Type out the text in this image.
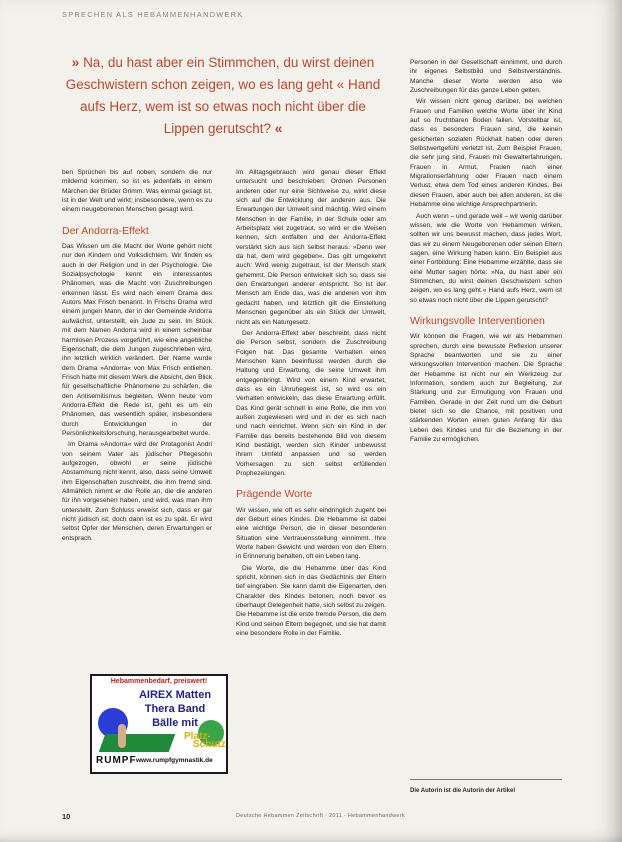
SPRECHEN ALS HEBAMMENHANDWERK
» Na, du hast aber ein Stimmchen, du wirst deinen Geschwistern schon zeigen, wo es lang geht « Hand aufs Herz, wem ist so etwas noch nicht über die Lippen gerutscht? «

ben Sprüchen bis auf noben, sondern die nur mildernd kommen, so ist es jedenfalls in einem Märchen der Brüder Grimm. Was einmal gesagt ist, ist in der Welt und wirkt; insbesondere, wenn es zu einem neugeborenen Menschen gesagt wird.

Der Andorra-Effekt

Das Wissen um die Macht der Worte gehört nicht nur den Kindern und Volksdichtern. Wir finden es auch in der Religion und in der Psychologie. Die Sozialpsychologie kennt ein interessantes Phänomen, was die Macht von Zuschreibungen erkennen lässt. Es wird nach einem Drama des Autors Max Frisch benannt. In Frischs Drama wird einem jungen Mann, der in der Gemeinde Andorra aufwächst, unterstellt, ein Jude zu sein. Im Stück mit dem Namen Andorra wird in einem scheinbar harmlosen Prozess vorgeführt, wie eine angebliche Eigenschaft, die dem Jungen zugeschrieben wird, ihn letztlich wirklich verändert. Der Name wurde dem Drama »Andorra« von Max Frisch entliehen. Frisch hatte mit diesem Werk die Absicht, den Blick für gesellschaftliche Phänomene zu schärfen, die den Antisemitismus begleiten. Wenn heute vom Andorra-Effekt die Rede ist, geht es um ein Phänomen, das wesentlich später, insbesondere durch Entwicklungen in der Persönlichkeitsforschung, herausgearbeitet wurde.

Im Drama »Andorra« wird der Protagonist Andri von seinem Vater als jüdischer Pflegesohn aufgezogen, obwohl er seine jüdische Abstammung nicht kennt, also, dass seine Umwelt ihm Eigenschaften zuschreibt, die ihm fremd sind. Allmählich nimmt er die Rolle an, die die anderen für ihn vorgesehen haben, und wird, was man ihm unterstellt. Zum Schluss erweist sich, dass er gar nicht jüdisch ist; doch dann ist es zu spät. Er wird selbst Opfer der Menschen, deren Erwartungen er entsprach.

Im Alltagsgebrauch wird genau dieser Effekt untersucht und beschrieben: Ordnen Personen anderen oder nur eine Sichtweise zu, wirkt diese sich auf die Entwicklung der anderen aus. Die Erwartungen der Umwelt sind mächtig. Wird einem Menschen in der Familie, in der Schule oder am Arbeitsplatz viel zugetraut, so wird er die Weisen kennen, sich entfalten und der Andorra-Effekt verstärkt sich aus sich selbst heraus. »Denn wer da hat, dem wird gegeben«. Das gilt umgekehrt auch: Wird wenig zugetraut, ist der Mensch stark gehemmt. Die Person entwickelt sich so, dass sie den Erwartungen anderer entspricht. So ist der Mensch am Ende das, was die anderen von ihm gedacht haben, und letztlich gilt die Einstellung Menschen gegenüber als ein Stück der Umwelt, nicht als ein Naturgesetz.

Der Andorra-Effekt aber beschreibt, dass nicht die Person selbst, sondern die Zuschreibung Folgen hat. Das gesamte Verhalten eines Menschen kann beeinflusst werden durch die Haltung und Erwartung, die seine Umwelt ihm entgegenbringt. Wird von einem Kind erwartet, dass es ein Unruhegeist ist, so wird es ein Verhalten entwickeln, das diese Erwartung erfüllt. Das Kind gerät schnell in eine Rolle, die ihm von außen zugewiesen wird und in der es sich nach und nach einrichtet. Wenn sich ein Kind in der Familie das bereits bestehende Bild von diesem Kind bestätigt, werden sich Kinder unbewusst ihrem Umfeld anpassen und so werden Vorhersagen zu sich selbst erfüllenden Prophezeiungen.

Prägende Worte

Wir wissen, wie oft es sehr eindringlich zugeht bei der Geburt eines Kindes. Die Hebamme ist dabei eine wichtige Person, die in dieser besonderen Situation eine Vertrauensstellung einnimmt. Ihre Worte haben Gewicht und werden von den Eltern in Erinnerung behalten, oft ein Leben lang.

Die Worte, die die Hebamme über das Kind spricht, können sich in das Gedächtnis der Eltern tief eingraben. Sie kann damit die Eigenarten, den Charakter des Kindes betonen, noch bevor es überhaupt Gelegenheit hatte, sich selbst zu zeigen. Die Hebamme ist die erste fremde Person, die dem Kind und seinen Eltern begegnet, und sie hat damit eine besondere Rolle in der Familie.

Personen in der Gesellschaft einnimmt, und durch ihr eigenes Selbstbild und Selbstverständnis. Manche dieser Worte werden also wie Zuschreibungen für das ganze Leben gelten.

Wir wissen nicht genug darüber, bei welchen Frauen und Familien welche Worte über ihr Kind auf so fruchtbaren Boden fallen. Vorstellbar ist, dass es besonders Frauen sind, die keinen gesicherten sozialen Rückhalt haben oder deren Selbstwertgefühl verletzt ist. Zum Beispiel Frauen, die sehr jung sind, Frauen mit Gewalterfahrungen, Frauen in Armut, Frauen nach einer Migrationserfahrung oder Frauen nach einem Verlust, etwa dem Tod eines anderen Kindes. Bei diesen Frauen, aber auch bei allen anderen, ist die Hebamme eine wichtige Ansprechpartnerin.

Auch wenn – und gerade weil – wir wenig darüber wissen, wie die Worte von Hebammen wirken, sollten wir uns bewusst machen, dass jedes Wort, das wir zu einem Neugeborenen oder seinen Eltern sagen, eine Wirkung haben kann. Ein Beispiel aus einer Fortbildung: Eine Hebamme erzählte, dass sie eine Mutter sagen hörte: »Na, du hast aber ein Stimmchen, du wirst deinen Geschwistern schon zeigen, wo es lang geht.« Hand aufs Herz, wem ist so etwas noch nicht über die Lippen gerutscht?

Wirkungsvolle Interventionen

Wir können die Fragen, wie wir als Hebammen sprechen, durch eine bewusste Reflexion unserer Sprache beantworten und sie zu einer wirkungsvollen Intervention machen. Die Sprache der Hebamme ist nicht nur ein Werkzeug zur Information, sondern auch zur Begleitung, zur Stärkung und zur Ermutigung von Frauen und Familien. Gerade in der Zeit rund um die Geburt bietet sich so die Chance, mit positiven und stärkenden Worten einen guten Anfang für das Leben des Kindes und für die Beziehung in der Familie zu ermöglichen.

Hebammenbedarf, preiswert!
AIREX Matten
Thera Band
Bälle mit
Platz-
Schutz
RUMPF www.rumpfgymnastik.de
Die Autorin ist die Autorin der Artikel
10	Deutsche Hebammen Zeitschrift · 2011 · Hebammenhandwerk
